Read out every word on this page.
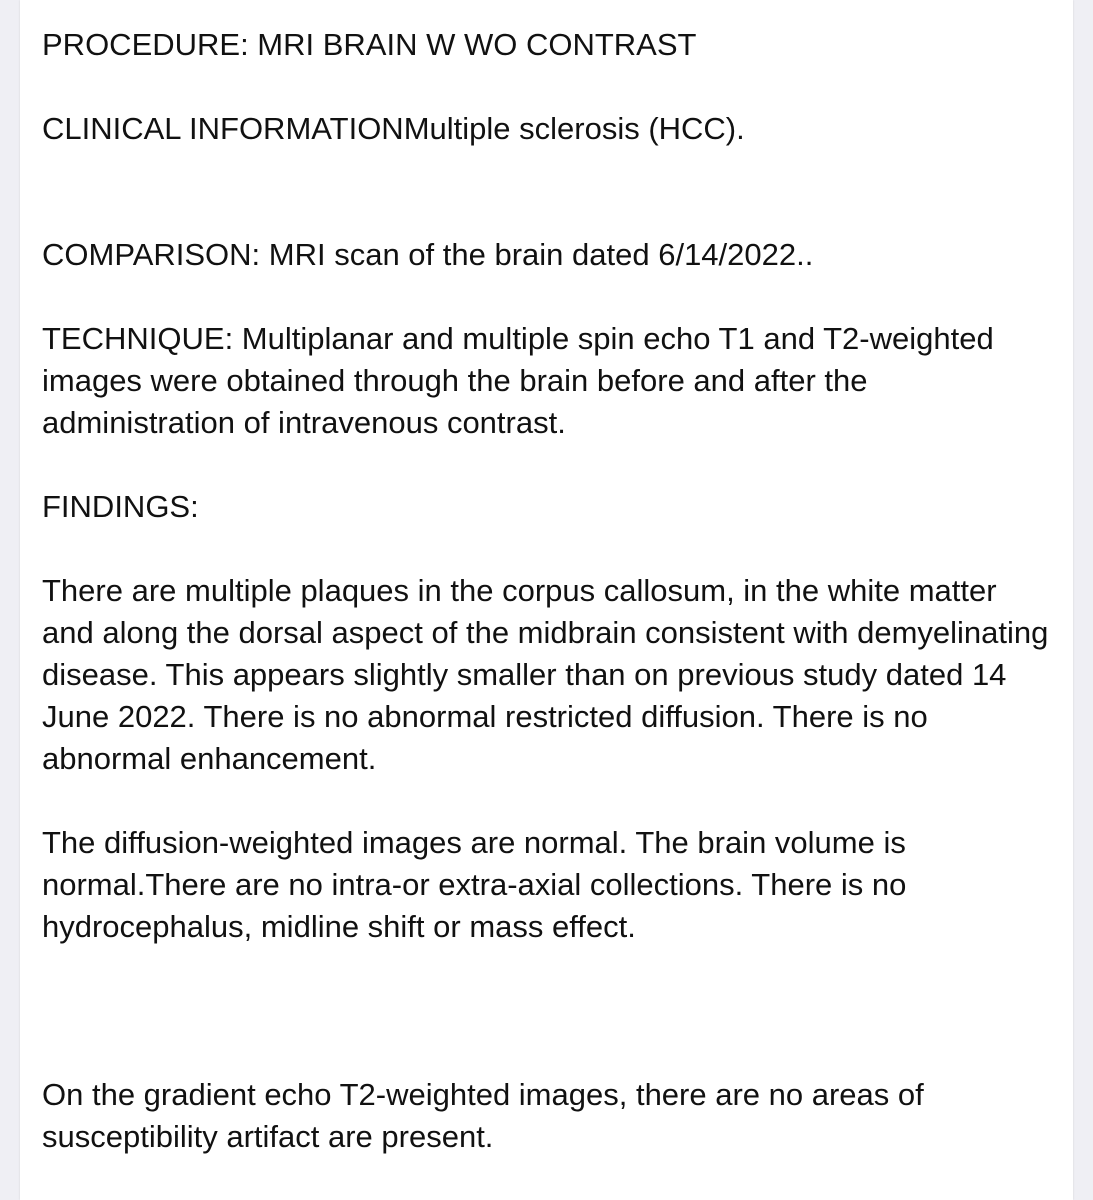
PROCEDURE: MRI BRAIN W WO CONTRAST

CLINICAL INFORMATIONMultiple sclerosis (HCC).

COMPARISON: MRI scan of the brain dated 6/14/2022..

TECHNIQUE: Multiplanar and multiple spin echo T1 and T2-weighted images were obtained through the brain before and after the administration of intravenous contrast.

FINDINGS:

There are multiple plaques in the corpus callosum, in the white matter and along the dorsal aspect of the midbrain consistent with demyelinating disease. This appears slightly smaller than on previous study dated 14 June 2022. There is no abnormal restricted diffusion. There is no abnormal enhancement.

The diffusion-weighted images are normal. The brain volume is normal.There are no intra-or extra-axial collections. There is no hydrocephalus, midline shift or mass effect.

On the gradient echo T2-weighted images, there are no areas of susceptibility artifact are present.
